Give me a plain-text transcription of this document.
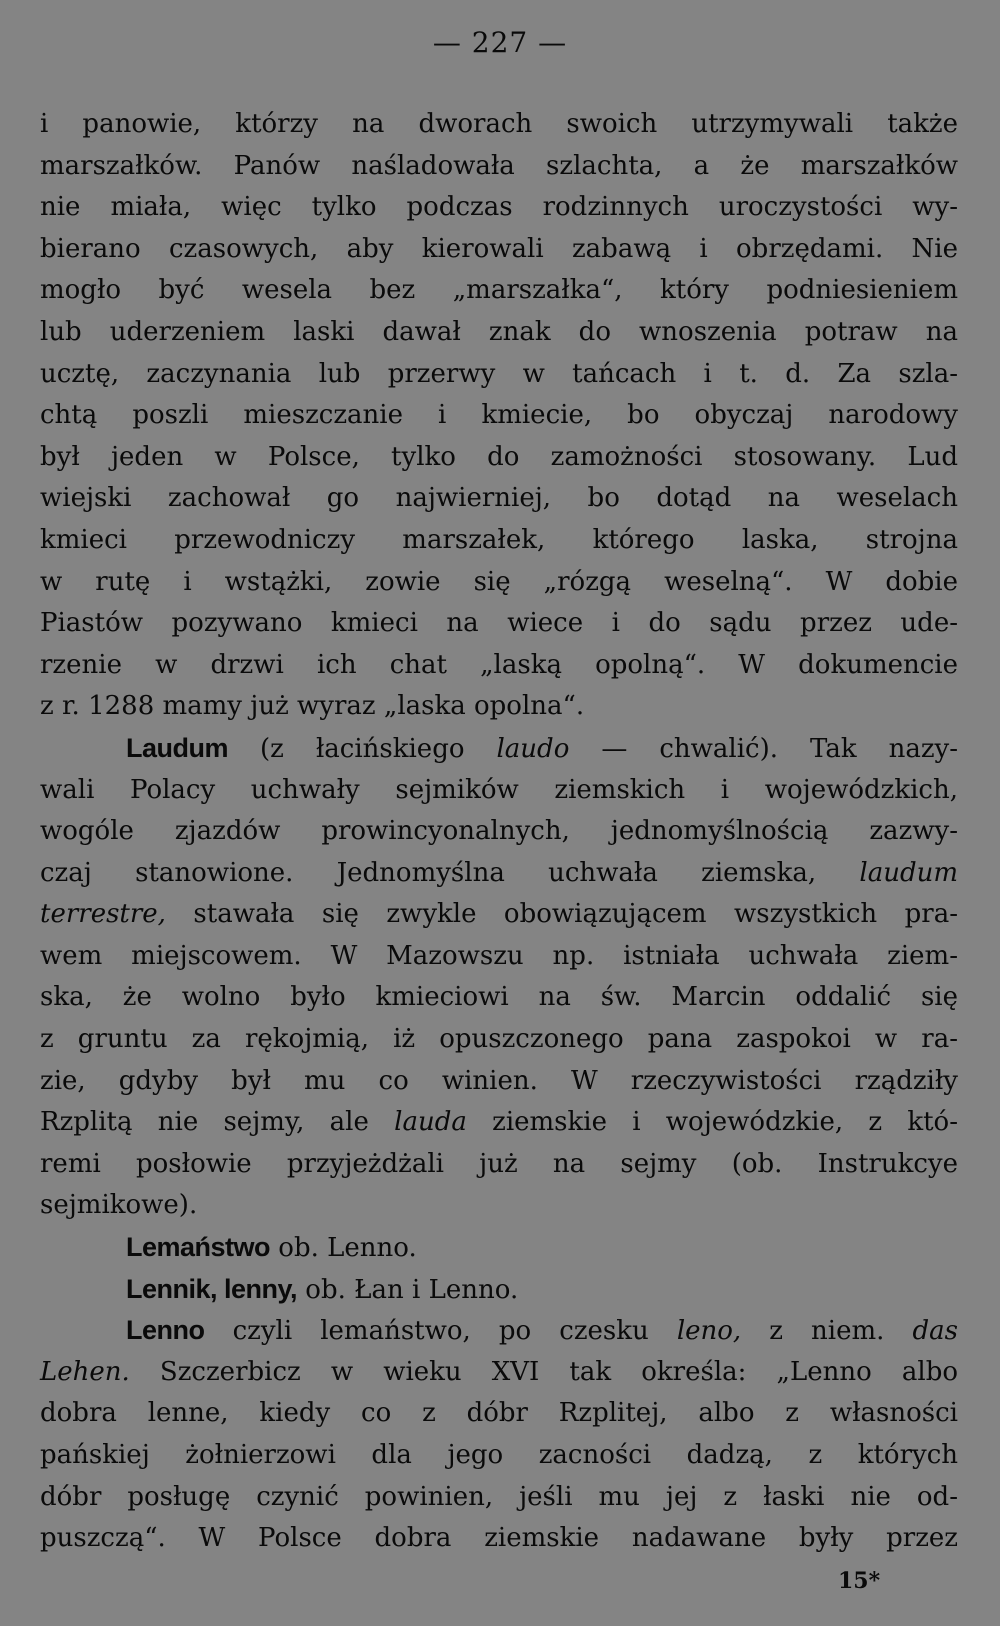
— 227 —
i panowie, którzy na dworach swoich utrzymywali także
marszałków. Panów naśladowała szlachta, a że marszałków
nie miała, więc tylko podczas rodzinnych uroczystości wy-
bierano czasowych, aby kierowali zabawą i obrzędami. Nie
mogło być wesela bez „marszałka“, który podniesieniem
lub uderzeniem laski dawał znak do wnoszenia potraw na
ucztę, zaczynania lub przerwy w tańcach i t. d. Za szla-
chtą poszli mieszczanie i kmiecie, bo obyczaj narodowy
był jeden w Polsce, tylko do zamożności stosowany. Lud
wiejski zachował go najwierniej, bo dotąd na weselach
kmieci przewodniczy marszałek, którego laska, strojna
w rutę i wstążki, zowie się „rózgą weselną“. W dobie
Piastów pozywano kmieci na wiece i do sądu przez ude-
rzenie w drzwi ich chat „laską opolną“. W dokumencie
z r. 1288 mamy już wyraz „laska opolna“.
Laudum (z łacińskiego laudo — chwalić). Tak nazy-
wali Polacy uchwały sejmików ziemskich i wojewódzkich,
wogóle zjazdów prowincyonalnych, jednomyślnością zazwy-
czaj stanowione. Jednomyślna uchwała ziemska, laudum
terrestre, stawała się zwykle obowiązującem wszystkich pra-
wem miejscowem. W Mazowszu np. istniała uchwała ziem-
ska, że wolno było kmieciowi na św. Marcin oddalić się
z gruntu za rękojmią, iż opuszczonego pana zaspokoi w ra-
zie, gdyby był mu co winien. W rzeczywistości rządziły
Rzplitą nie sejmy, ale lauda ziemskie i wojewódzkie, z któ-
remi posłowie przyjeżdżali już na sejmy (ob. Instrukcye
sejmikowe).
Lemaństwo ob. Lenno.
Lennik, lenny, ob. Łan i Lenno.
Lenno czyli lemaństwo, po czesku leno, z niem. das
Lehen. Szczerbicz w wieku XVI tak określa: „Lenno albo
dobra lenne, kiedy co z dóbr Rzplitej, albo z własności
pańskiej żołnierzowi dla jego zacności dadzą, z których
dóbr posługę czynić powinien, jeśli mu jej z łaski nie od-
puszczą“. W Polsce dobra ziemskie nadawane były przez
15*
